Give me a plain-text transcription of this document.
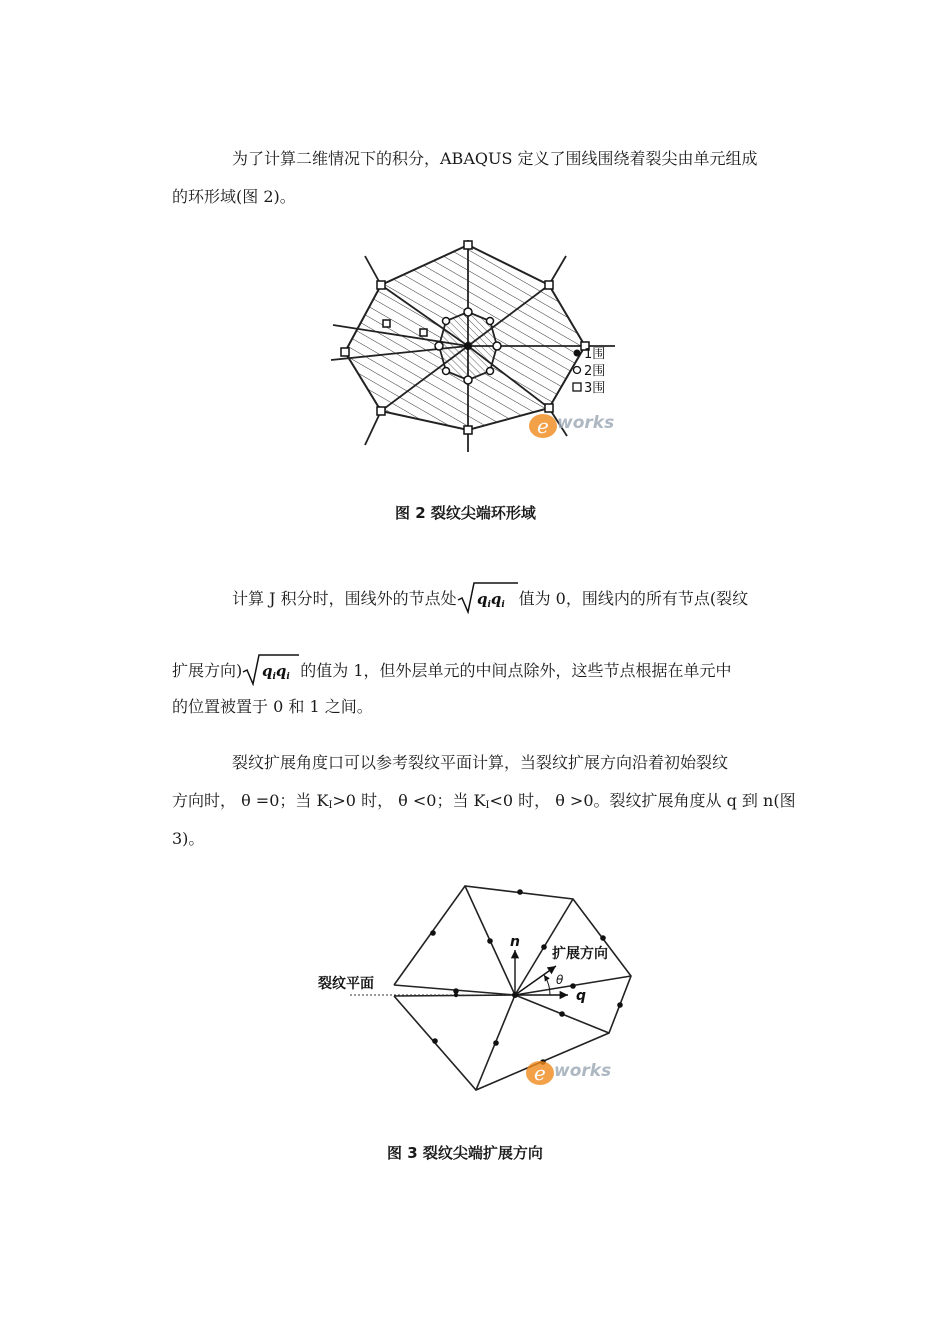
为了计算二维情况下的积分，ABAQUS 定义了围线围绕着裂尖由单元组成

的环形域(图 2)。

1围
2围
3围
e works
图 2 裂纹尖端环形域

计算 J 积分时，围线外的节点处 $q_iq_i$ 值为 0，围线内的所有节点(裂纹

扩展方向) $q_iq_i$ 的值为 1，但外层单元的中间点除外，这些节点根据在单元中

的位置被置于 0 和 1 之间。

裂纹扩展角度口可以参考裂纹平面计算，当裂纹扩展方向沿着初始裂纹

方向时， θ =0；当 $K_I>0$ 时， θ <0；当 $K_I<0$ 时， θ >0。裂纹扩展角度从 q 到 n(图

3)。

n
q
θ
扩展方向
裂纹平面
e works
图 3 裂纹尖端扩展方向
